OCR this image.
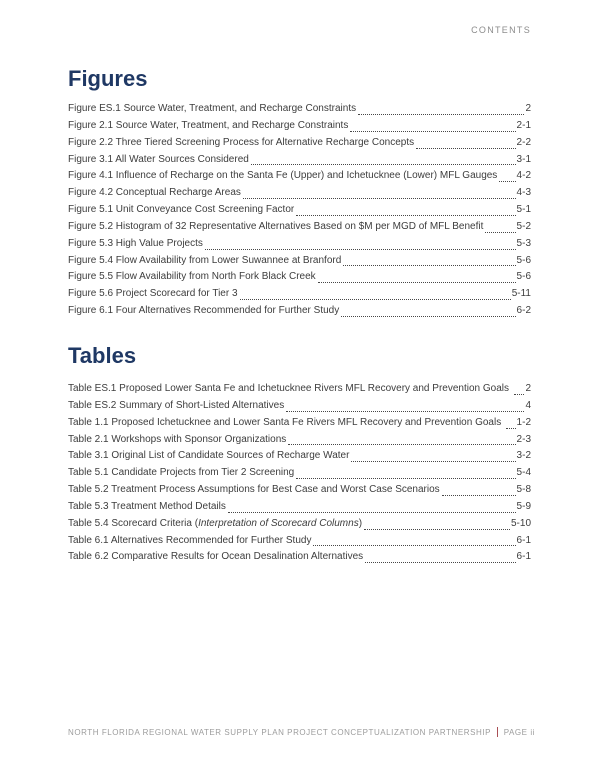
CONTENTS
Figures
Figure ES.1 Source Water, Treatment, and Recharge Constraints	2
Figure 2.1 Source Water, Treatment, and Recharge Constraints	2-1
Figure 2.2 Three Tiered Screening Process for Alternative Recharge Concepts	2-2
Figure 3.1 All Water Sources Considered	3-1
Figure 4.1 Influence of Recharge on the Santa Fe (Upper) and Ichetucknee (Lower) MFL Gauges 4-2
Figure 4.2 Conceptual Recharge Areas	4-3
Figure 5.1 Unit Conveyance Cost Screening Factor	5-1
Figure 5.2 Histogram of 32 Representative Alternatives Based on $M per MGD of MFL Benefit	5-2
Figure 5.3 High Value Projects	5-3
Figure 5.4 Flow Availability from Lower Suwannee at Branford	5-6
Figure 5.5 Flow Availability from North Fork Black Creek	5-6
Figure 5.6 Project Scorecard for Tier 3	5-11
Figure 6.1 Four Alternatives Recommended for Further Study	6-2
Tables
Table ES.1 Proposed Lower Santa Fe and Ichetucknee Rivers MFL Recovery and Prevention Goals 2
Table ES.2 Summary of Short-Listed Alternatives	4
Table 1.1 Proposed Ichetucknee and Lower Santa Fe Rivers MFL Recovery and Prevention Goals 1-2
Table 2.1 Workshops with Sponsor Organizations	2-3
Table 3.1 Original List of Candidate Sources of Recharge Water	3-2
Table 5.1 Candidate Projects from Tier 2 Screening	5-4
Table 5.2 Treatment Process Assumptions for Best Case and Worst Case Scenarios	5-8
Table 5.3 Treatment Method Details	5-9
Table 5.4 Scorecard Criteria ( Interpretation of Scorecard Columns )	5-10
Table 6.1 Alternatives Recommended for Further Study	6-1
Table 6.2 Comparative Results for Ocean Desalination Alternatives	6-1
NORTH FLORIDA REGIONAL WATER SUPPLY PLAN PROJECT CONCEPTUALIZATION PARTNERSHIP PAGE ii
